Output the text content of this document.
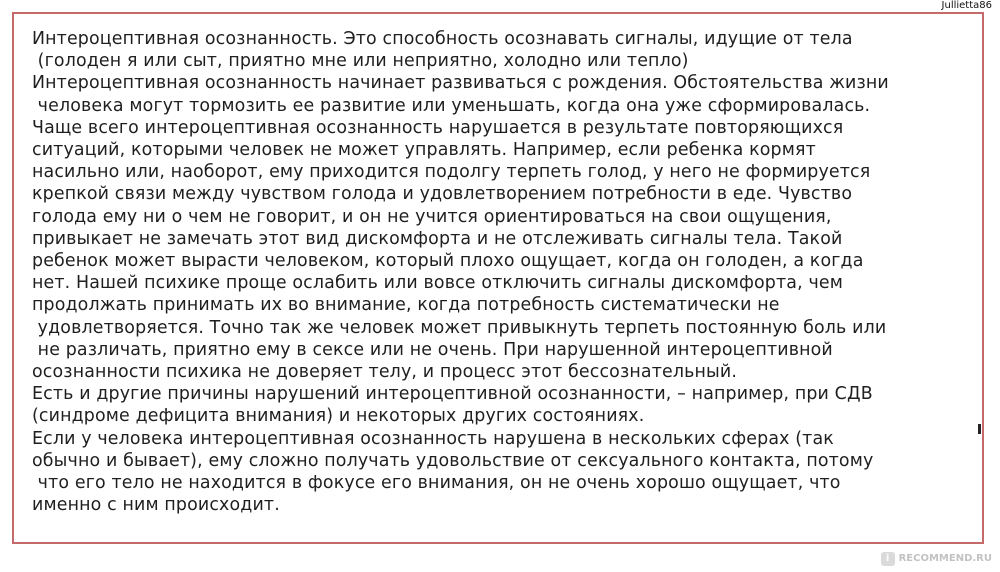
Jullietta86
Интероцептивная осознанность. Это способность осознавать сигналы, идущие от тела
(голоден я или сыт, приятно мне или неприятно, холодно или тепло)
Интероцептивная осознанность начинает развиваться с рождения. Обстоятельства жизни
человека могут тормозить ее развитие или уменьшать, когда она уже сформировалась.
Чаще всего интероцептивная осознанность нарушается в результате повторяющихся
ситуаций, которыми человек не может управлять. Например, если ребенка кормят
насильно или, наоборот, ему приходится подолгу терпеть голод, у него не формируется
крепкой связи между чувством голода и удовлетворением потребности в еде. Чувство
голода ему ни о чем не говорит, и он не учится ориентироваться на свои ощущения,
привыкает не замечать этот вид дискомфорта и не отслеживать сигналы тела. Такой
ребенок может вырасти человеком, который плохо ощущает, когда он голоден, а когда
нет. Нашей психике проще ослабить или вовсе отключить сигналы дискомфорта, чем
продолжать принимать их во внимание, когда потребность систематически не
удовлетворяется. Точно так же человек может привыкнуть терпеть постоянную боль или
не различать, приятно ему в сексе или не очень. При нарушенной интероцептивной
осознанности психика не доверяет телу, и процесс этот бессознательный.
Есть и другие причины нарушений интероцептивной осознанности, – например, при СДВ
(синдроме дефицита внимания) и некоторых других состояниях.
Если у человека интероцептивная осознанность нарушена в нескольких сферах (так
обычно и бывает), ему сложно получать удовольствие от сексуального контакта, потому
что его тело не находится в фокусе его внимания, он не очень хорошо ощущает, что
именно с ним происходит.
i RECOMMEND.RU
